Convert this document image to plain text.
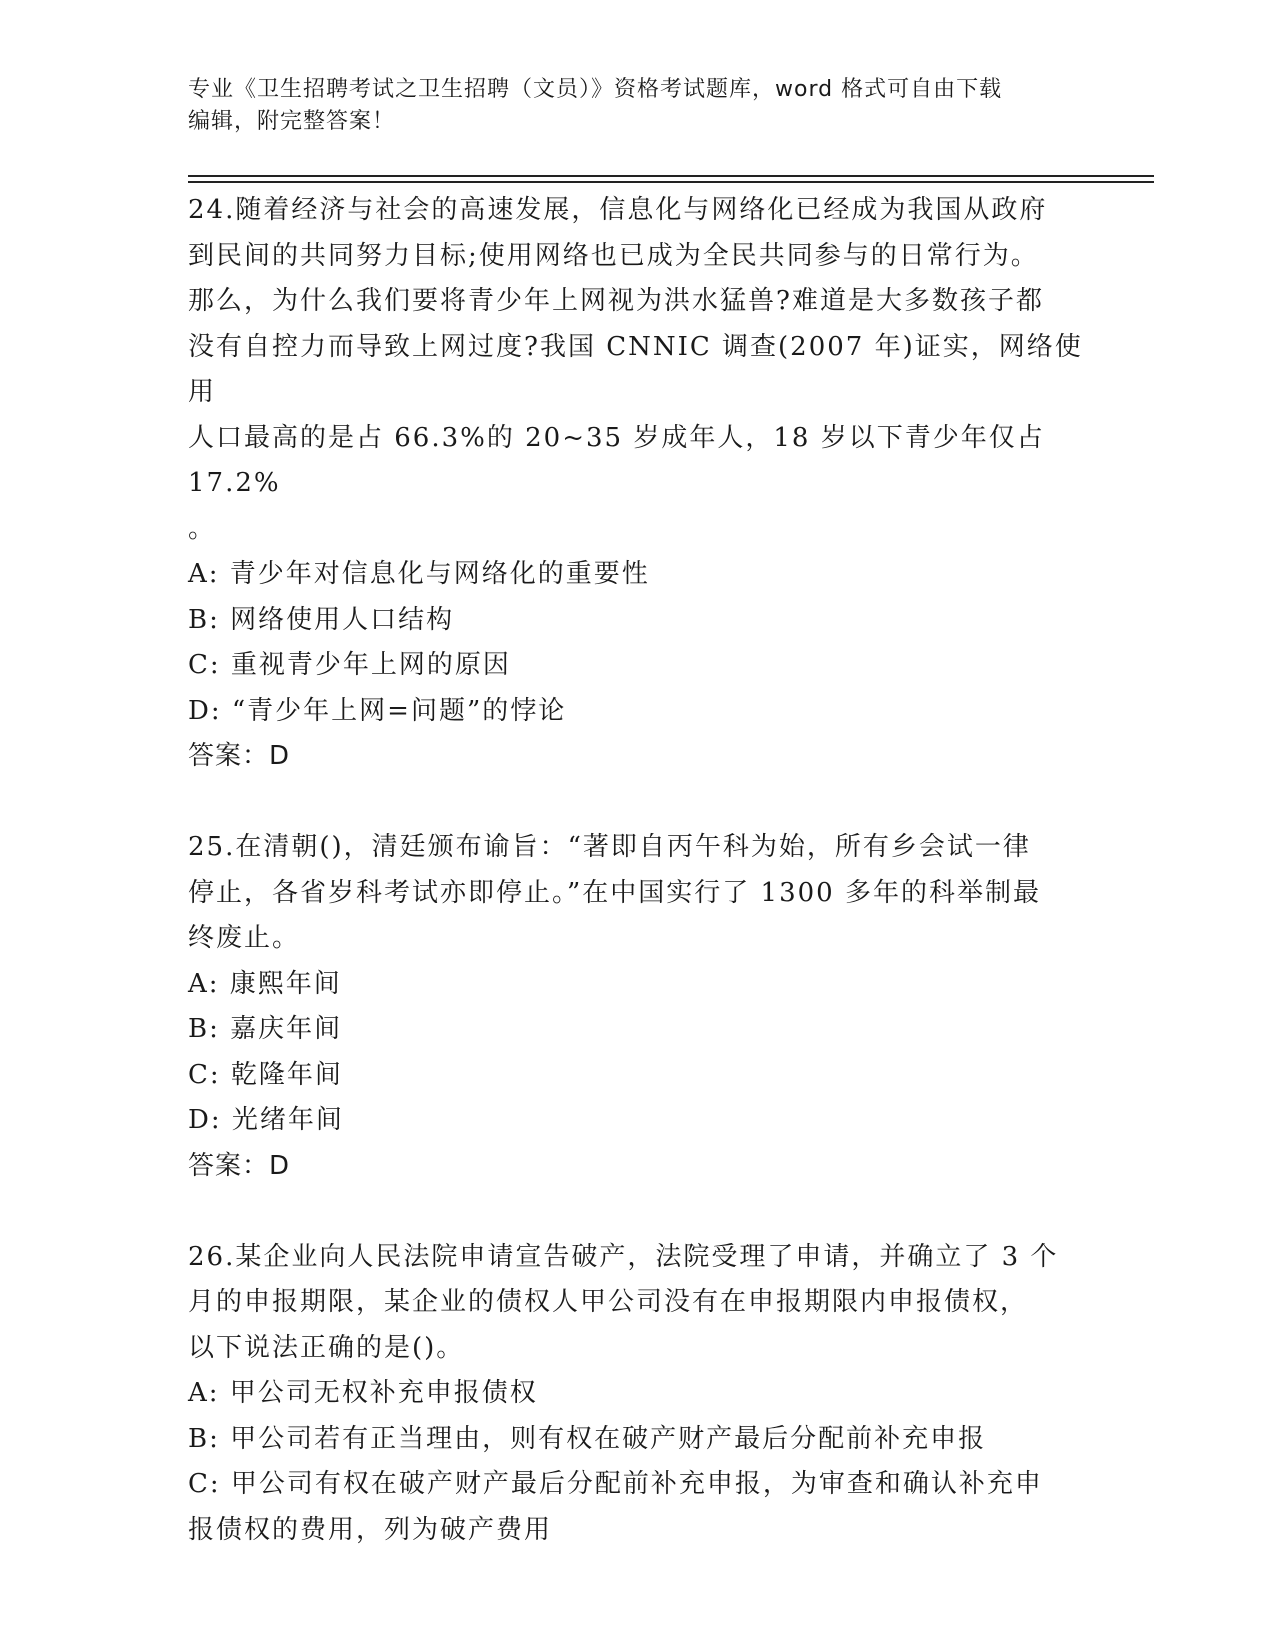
专业《卫生招聘考试之卫生招聘（文员）》资格考试题库，word 格式可自由下载
编辑，附完整答案！

24.随着经济与社会的高速发展，信息化与网络化已经成为我国从政府

到民间的共同努力目标;使用网络也已成为全民共同参与的日常行为。

那么，为什么我们要将青少年上网视为洪水猛兽?难道是大多数孩子都

没有自控力而导致上网过度?我国 CNNIC 调查(2007 年)证实，网络使用

人口最高的是占 66.3%的 20~35 岁成年人，18 岁以下青少年仅占 17.2%

。

A: 青少年对信息化与网络化的重要性

B: 网络使用人口结构

C: 重视青少年上网的原因

D: “青少年上网=问题”的悖论

答案：D

25.在清朝()，清廷颁布谕旨：“著即自丙午科为始，所有乡会试一律

停止，各省岁科考试亦即停止。”在中国实行了 1300 多年的科举制最

终废止。

A: 康熙年间

B: 嘉庆年间

C: 乾隆年间

D: 光绪年间

答案：D

26.某企业向人民法院申请宣告破产，法院受理了申请，并确立了 3 个

月的申报期限，某企业的债权人甲公司没有在申报期限内申报债权，

以下说法正确的是()。

A: 甲公司无权补充申报债权

B: 甲公司若有正当理由，则有权在破产财产最后分配前补充申报

C: 甲公司有权在破产财产最后分配前补充申报，为审查和确认补充申

报债权的费用，列为破产费用
